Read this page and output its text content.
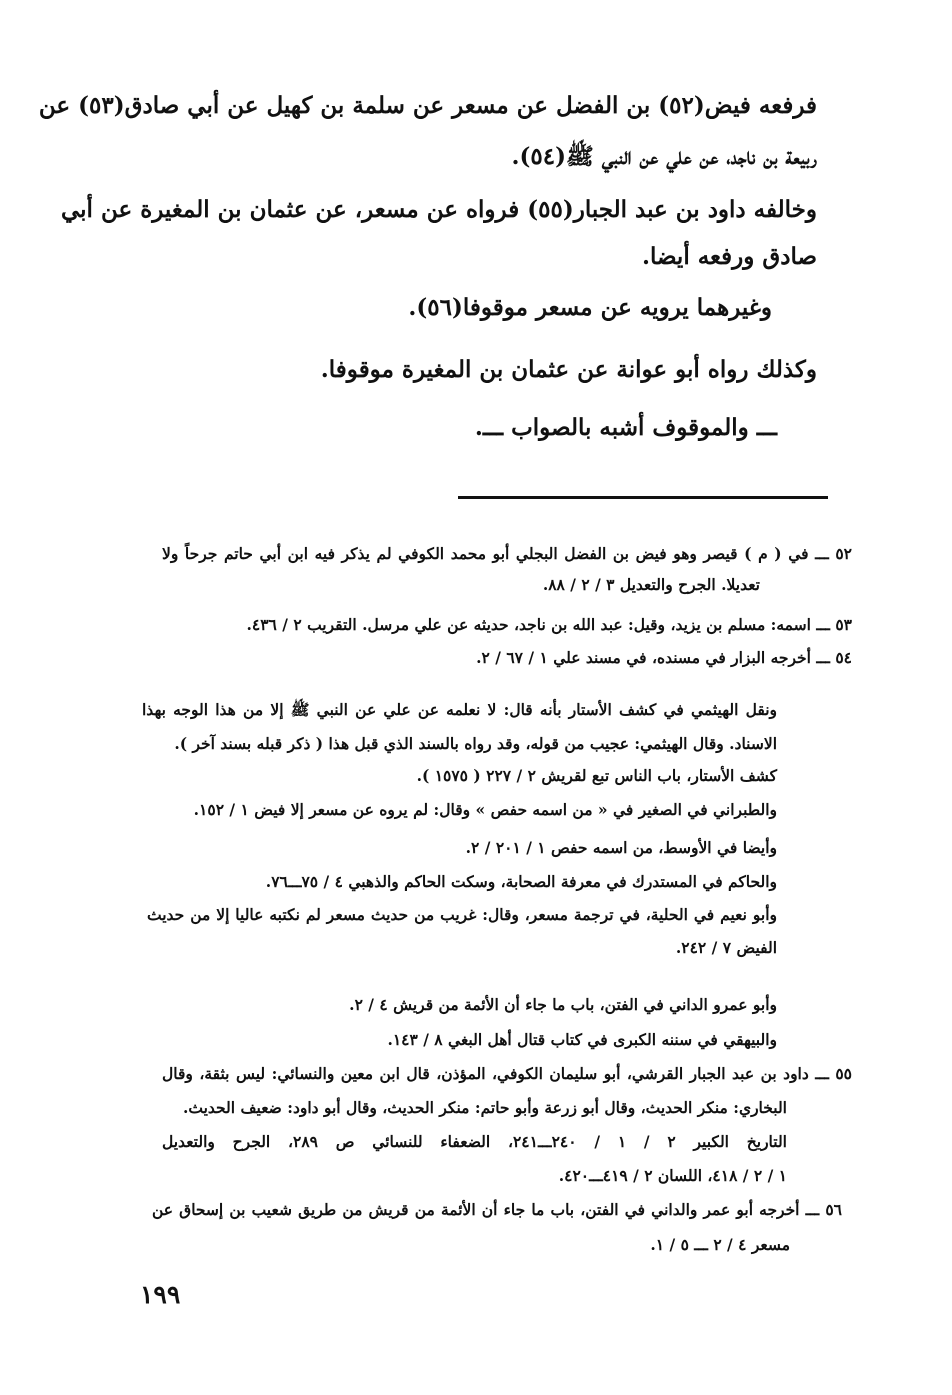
فرفعه فيض(٥٢) بن الفضل عن مسعر عن سلمة بن كهيل عن أبي صادق(٥٣) عن

ربيعة بن ناجد، عن علي عن النبي ﷺ(٥٤).

وخالفه داود بن عبد الجبار(٥٥) فرواه عن مسعر، عن عثمان بن المغيرة عن أبي

صادق ورفعه أيضا.

وغيرهما يرويه عن مسعر موقوفا(٥٦).

وكذلك رواه أبو عوانة عن عثمان بن المغيرة موقوفا.

ـــ والموقوف أشبه بالصواب ـــ.

٥٢ ـــ في ( م ) قيصر وهو فيض بن الفضل البجلي أبو محمد الكوفي لم يذكر فيه ابن أبي حاتم جرحاً ولا

تعديلا. الجرح والتعديل ٣ / ٢ / ٨٨.

٥٣ ـــ اسمه: مسلم بن يزيد، وقيل: عبد الله بن ناجد، حديثه عن علي مرسل. التقريب ٢ / ٤٣٦.

٥٤ ـــ أخرجه البزار في مسنده، في مسند علي ١ / ٦٧ / ٢.

ونقل الهيثمي في كشف الأستار بأنه قال: لا نعلمه عن علي عن النبي ﷺ إلا من هذا الوجه بهذا

الاسناد. وقال الهيثمي: عجيب من قوله، وقد رواه بالسند الذي قبل هذا ( ذكر قبله بسند آخر ).

كشف الأستار، باب الناس تبع لقريش ٢ / ٢٢٧ ( ١٥٧٥ ).

والطبراني في الصغير في « من اسمه حفص » وقال: لم يروه عن مسعر إلا فيض ١ / ١٥٢.

وأيضا في الأوسط، من اسمه حفص ١ / ٢٠١ / ٢.

والحاكم في المستدرك في معرفة الصحابة، وسكت الحاكم والذهبي ٤ / ٧٥ـــ٧٦.

وأبو نعيم في الحلية، في ترجمة مسعر، وقال: غريب من حديث مسعر لم نكتبه عاليا إلا من حديث

الفيض ٧ / ٢٤٢.

وأبو عمرو الداني في الفتن، باب ما جاء أن الأئمة من قريش ٤ / ٢.

والبيهقي في سننه الكبرى في كتاب قتال أهل البغي ٨ / ١٤٣.

٥٥ ـــ داود بن عبد الجبار القرشي، أبو سليمان الكوفي، المؤذن، قال ابن معين والنسائي: ليس بثقة، وقال

البخاري: منكر الحديث، وقال أبو زرعة وأبو حاتم: منكر الحديث، وقال أبو داود: ضعيف الحديث.

التاريخ الكبير ٢ / ١ / ٢٤٠ـــ٢٤١، الضعفاء للنسائي ص ٢٨٩، الجرح والتعديل

١ / ٢ / ٤١٨، اللسان ٢ / ٤١٩ـــ٤٢٠.

٥٦ ـــ أخرجه أبو عمر والداني في الفتن، باب ما جاء أن الأئمة من قريش من طريق شعيب بن إسحاق عن

مسعر ٤ / ٢ ـــ ٥ / ١.

١٩٩
